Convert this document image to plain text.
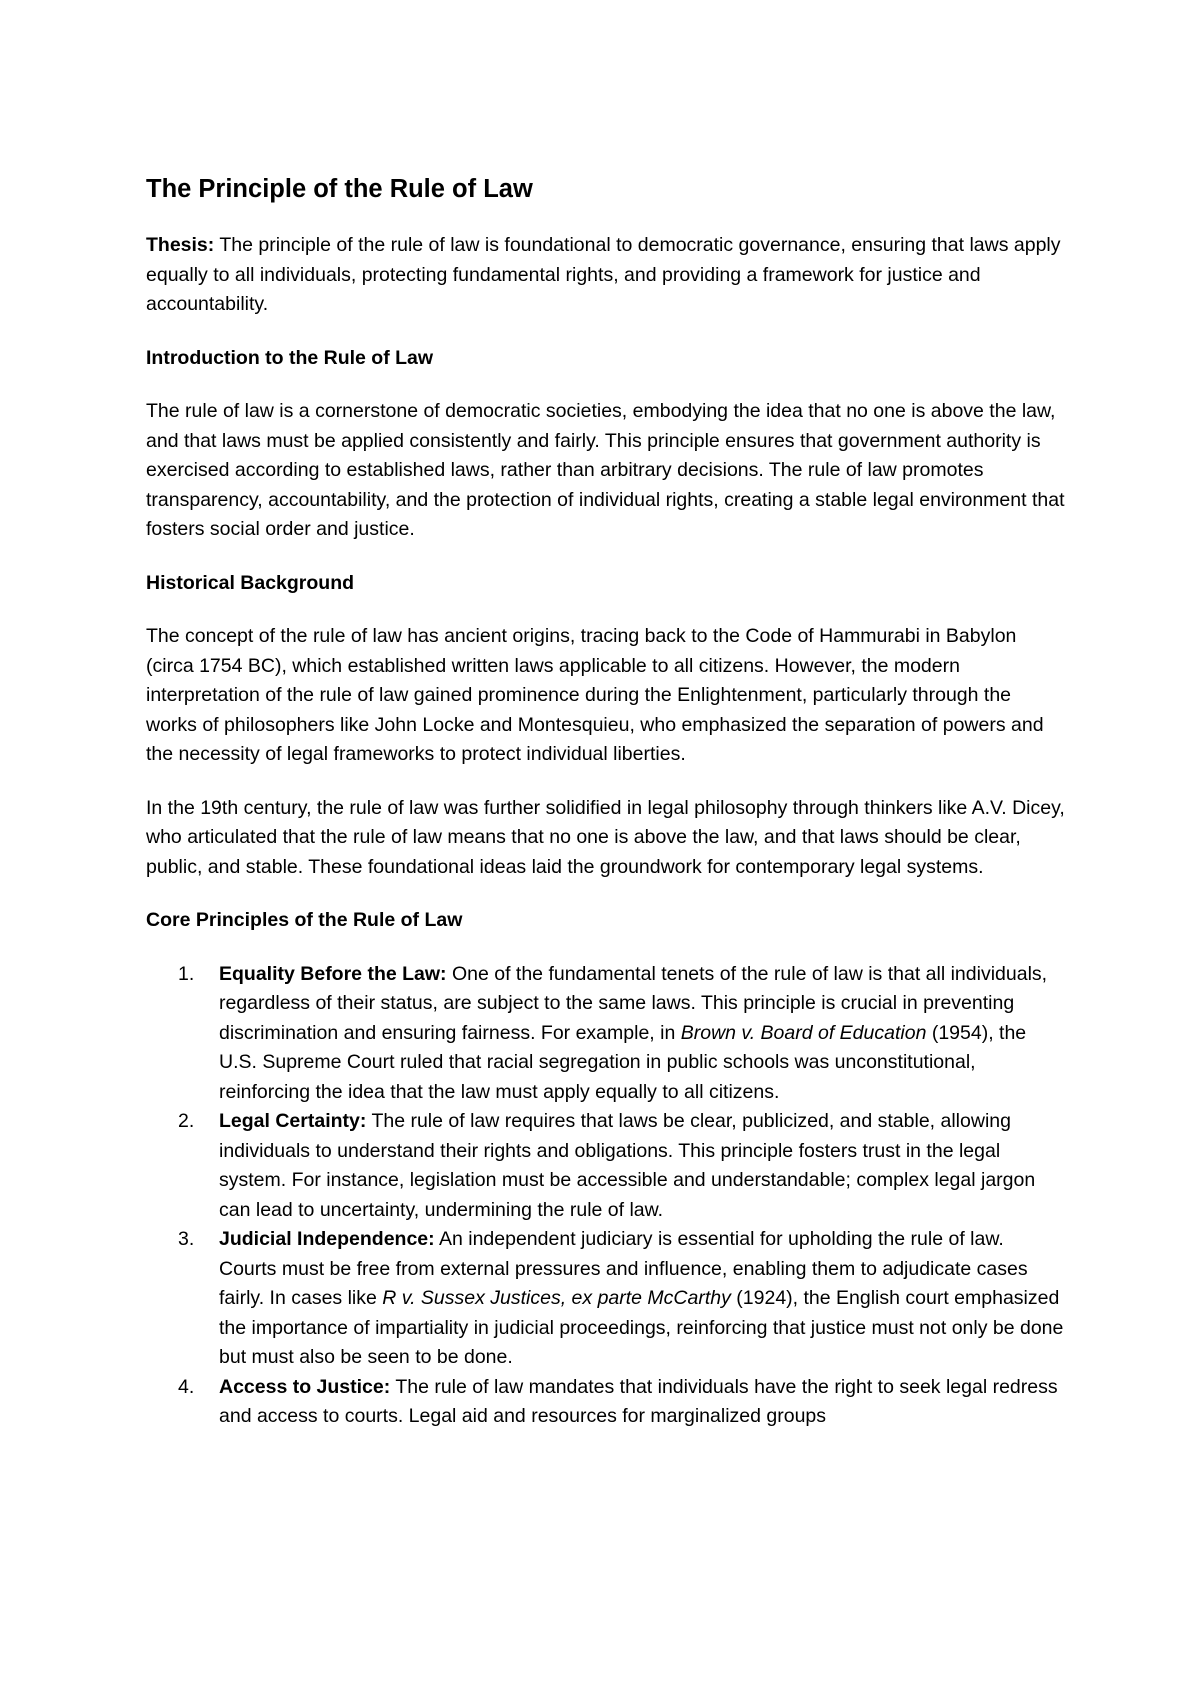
The Principle of the Rule of Law

Thesis: The principle of the rule of law is foundational to democratic governance, ensuring that laws apply equally to all individuals, protecting fundamental rights, and providing a framework for justice and accountability.

Introduction to the Rule of Law

The rule of law is a cornerstone of democratic societies, embodying the idea that no one is above the law, and that laws must be applied consistently and fairly. This principle ensures that government authority is exercised according to established laws, rather than arbitrary decisions. The rule of law promotes transparency, accountability, and the protection of individual rights, creating a stable legal environment that fosters social order and justice.

Historical Background

The concept of the rule of law has ancient origins, tracing back to the Code of Hammurabi in Babylon (circa 1754 BC), which established written laws applicable to all citizens. However, the modern interpretation of the rule of law gained prominence during the Enlightenment, particularly through the works of philosophers like John Locke and Montesquieu, who emphasized the separation of powers and the necessity of legal frameworks to protect individual liberties.

In the 19th century, the rule of law was further solidified in legal philosophy through thinkers like A.V. Dicey, who articulated that the rule of law means that no one is above the law, and that laws should be clear, public, and stable. These foundational ideas laid the groundwork for contemporary legal systems.

Core Principles of the Rule of Law
1.	Equality Before the Law: One of the fundamental tenets of the rule of law is that all individuals, regardless of their status, are subject to the same laws. This principle is crucial in preventing discrimination and ensuring fairness. For example, in Brown v. Board of Education (1954), the U.S. Supreme Court ruled that racial segregation in public schools was unconstitutional, reinforcing the idea that the law must apply equally to all citizens.
2.	Legal Certainty: The rule of law requires that laws be clear, publicized, and stable, allowing individuals to understand their rights and obligations. This principle fosters trust in the legal system. For instance, legislation must be accessible and understandable; complex legal jargon can lead to uncertainty, undermining the rule of law.
3.	Judicial Independence: An independent judiciary is essential for upholding the rule of law. Courts must be free from external pressures and influence, enabling them to adjudicate cases fairly. In cases like R v. Sussex Justices, ex parte McCarthy (1924), the English court emphasized the importance of impartiality in judicial proceedings, reinforcing that justice must not only be done but must also be seen to be done.
4.	Access to Justice: The rule of law mandates that individuals have the right to seek legal redress and access to courts. Legal aid and resources for marginalized groups
